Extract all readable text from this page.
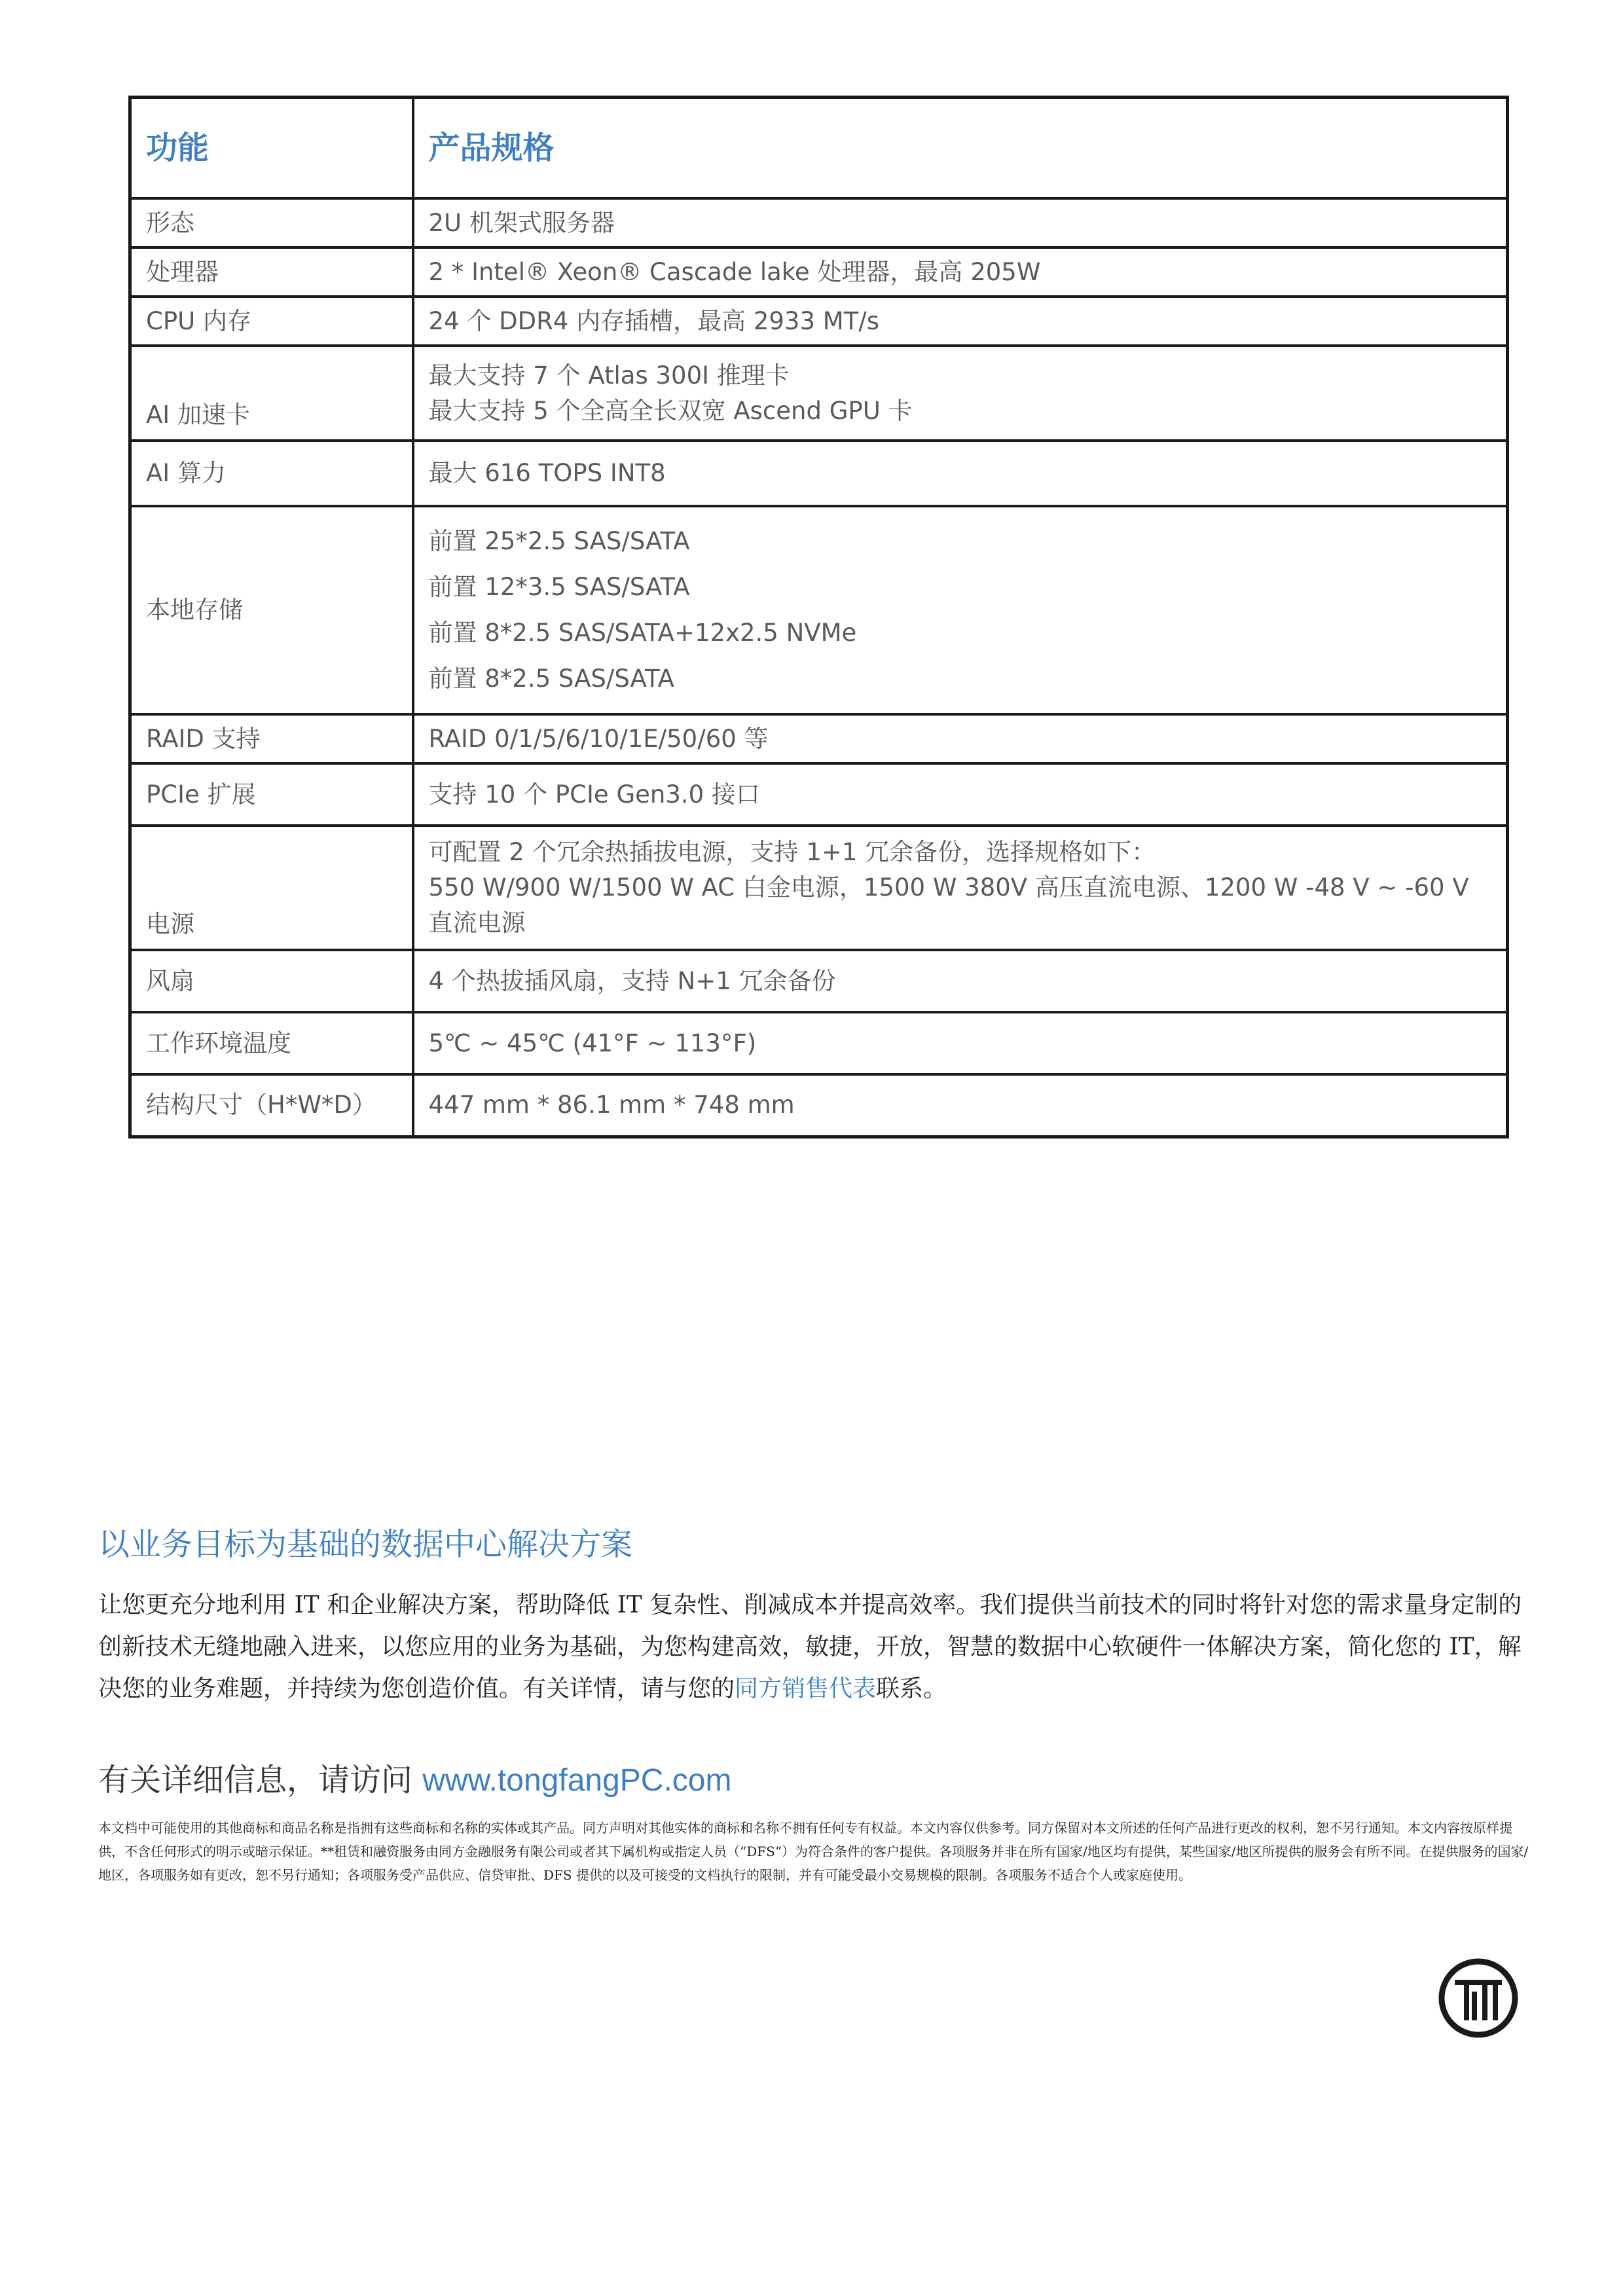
功能	产品规格
形态	2U 机架式服务器

处理器	2 * Intel® Xeon® Cascade lake 处理器，最高 205W

CPU 内存	24 个 DDR4 内存插槽，最高 2933 MT/s

AI 加速卡	最大支持 7 个 Atlas 300I 推理卡
最大支持 5 个全高全长双宽 Ascend GPU 卡

AI 算力	最大 616 TOPS INT8

本地存储	前置 25*2.5 SAS/SATA
前置 12*3.5 SAS/SATA
前置 8*2.5 SAS/SATA+12x2.5 NVMe
前置 8*2.5 SAS/SATA

RAID 支持	RAID 0/1/5/6/10/1E/50/60 等

PCIe 扩展	支持 10 个 PCIe Gen3.0 接口

电源	可配置 2 个冗余热插拔电源，支持 1+1 冗余备份，选择规格如下：
550 W/900 W/1500 W AC 白金电源，1500 W 380V 高压直流电源、1200 W -48 V ~ -60 V 直流电源

风扇	4 个热拔插风扇，支持 N+1 冗余备份

工作环境温度	5℃ ~ 45℃ (41°F ~ 113°F)

结构尺寸（H*W*D）	447 mm * 86.1 mm * 748 mm
以业务目标为基础的数据中心解决方案

让您更充分地利用 IT 和企业解决方案，帮助降低 IT 复杂性、削减成本并提高效率。我们提供当前技术的同时将针对您的需求量身定制的创新技术无缝地融入进来，以您应用的业务为基础，为您构建高效，敏捷，开放，智慧的数据中心软硬件一体解决方案，简化您的 IT，解决您的业务难题，并持续为您创造价值。有关详情，请与您的同方销售代表联系。

有关详细信息，请访问 www.tongfangPC.com

本文档中可能使用的其他商标和商品名称是指拥有这些商标和名称的实体或其产品。同方声明对其他实体的商标和名称不拥有任何专有权益。本文内容仅供参考。同方保留对本文所述的任何产品进行更改的权利，恕不另行通知。本文内容按原样提供，不含任何形式的明示或暗示保证。**租赁和融资服务由同方金融服务有限公司或者其下属机构或指定人员（“DFS”）为符合条件的客户提供。各项服务并非在所有国家/地区均有提供，某些国家/地区所提供的服务会有所不同。在提供服务的国家/地区，各项服务如有更改，恕不另行通知；各项服务受产品供应、信贷审批、DFS 提供的以及可接受的文档执行的限制，并有可能受最小交易规模的限制。各项服务不适合个人或家庭使用。
